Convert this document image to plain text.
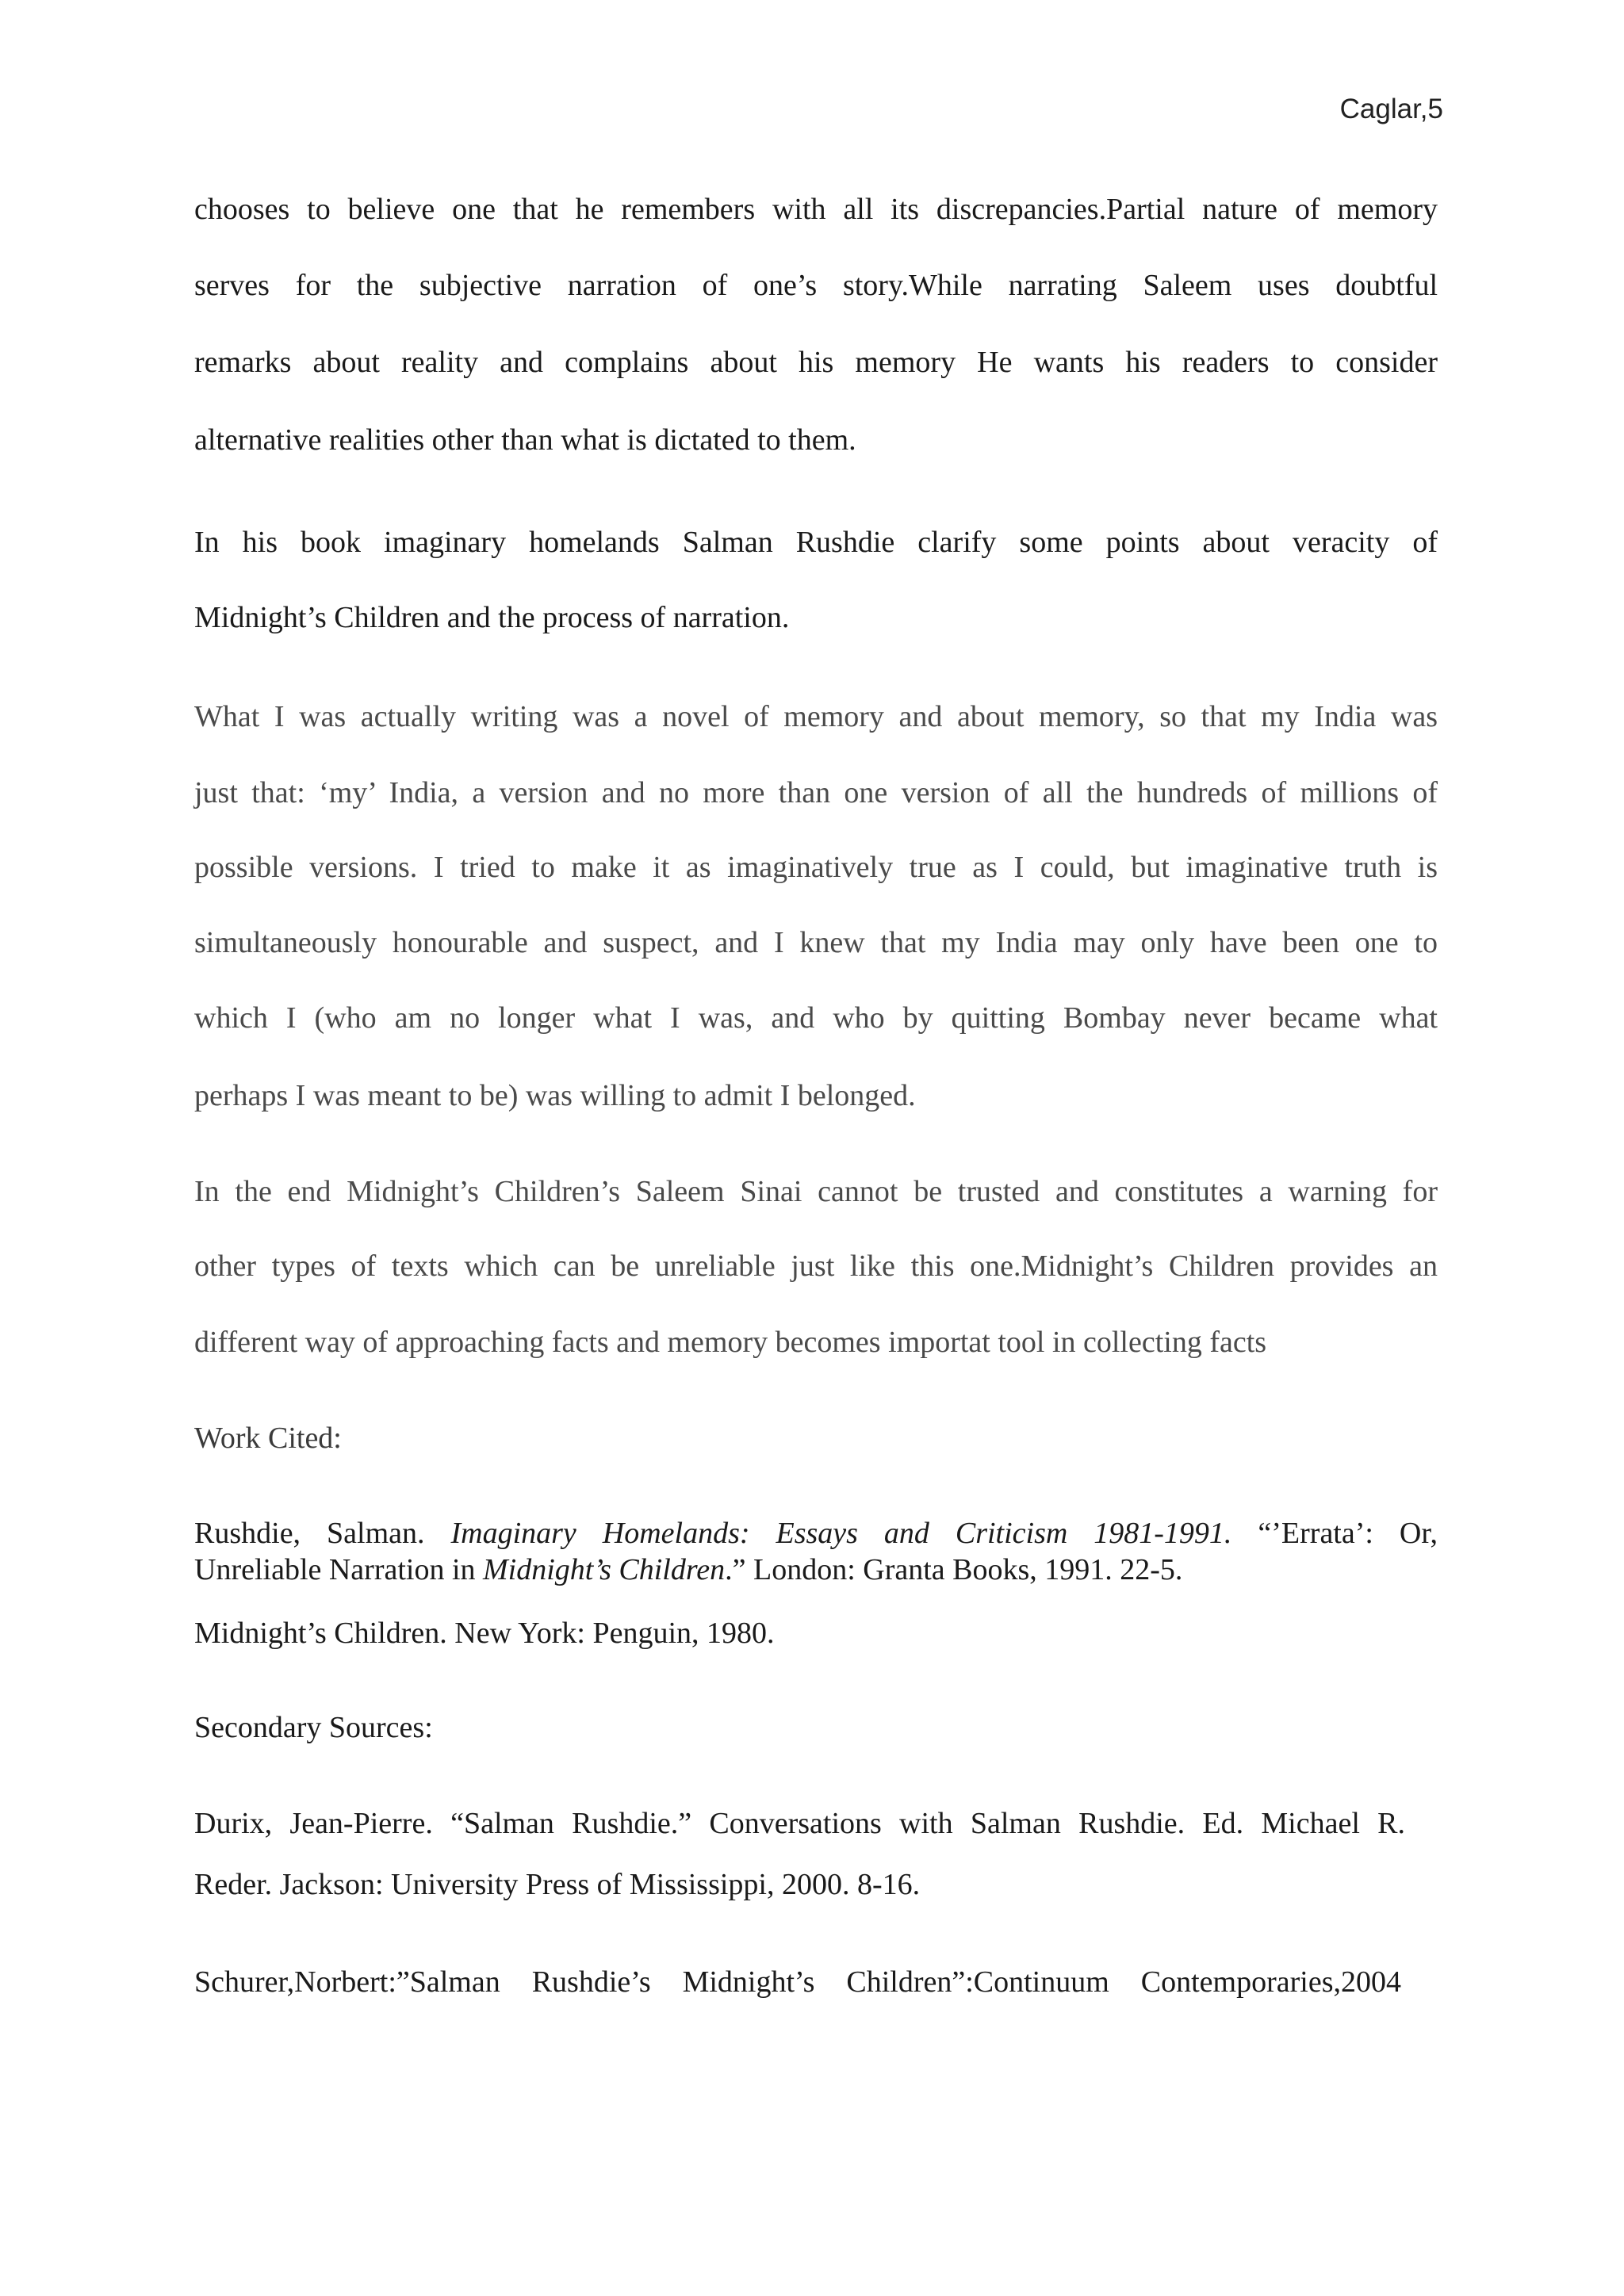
Caglar,5
chooses to believe one that he remembers with all its discrepancies.Partial nature of memory
serves for the subjective narration of one’s story.While narrating Saleem uses doubtful
remarks about reality and complains about his memory He wants his readers to consider
alternative realities other than what is dictated to them.
In his book imaginary homelands Salman Rushdie clarify some points about veracity of
Midnight’s Children and the process of narration.
What I was actually writing was a novel of memory and about memory, so that my India was
just that: ‘my’ India, a version and no more than one version of all the hundreds of millions of
possible versions. I tried to make it as imaginatively true as I could, but imaginative truth is
simultaneously honourable and suspect, and I knew that my India may only have been one to
which I (who am no longer what I was, and who by quitting Bombay never became what
perhaps I was meant to be) was willing to admit I belonged.
In the end Midnight’s Children’s Saleem Sinai cannot be trusted and constitutes a warning for
other types of texts which can be unreliable just like this one.Midnight’s Children provides an
different way of approaching facts and memory becomes importat tool in collecting facts
Work Cited:
Rushdie, Salman. Imaginary Homelands: Essays and Criticism 1981-1991. “’Errata’: Or,
Unreliable Narration in Midnight’s Children.” London: Granta Books, 1991. 22-5.
Midnight’s Children. New York: Penguin, 1980.
Secondary Sources:
Durix, Jean-Pierre. “Salman Rushdie.” Conversations with Salman Rushdie. Ed. Michael R.
Reder. Jackson: University Press of Mississippi, 2000. 8-16.
Schurer,Norbert:”Salman Rushdie’s Midnight’s Children”:Continuum Contemporaries,2004
